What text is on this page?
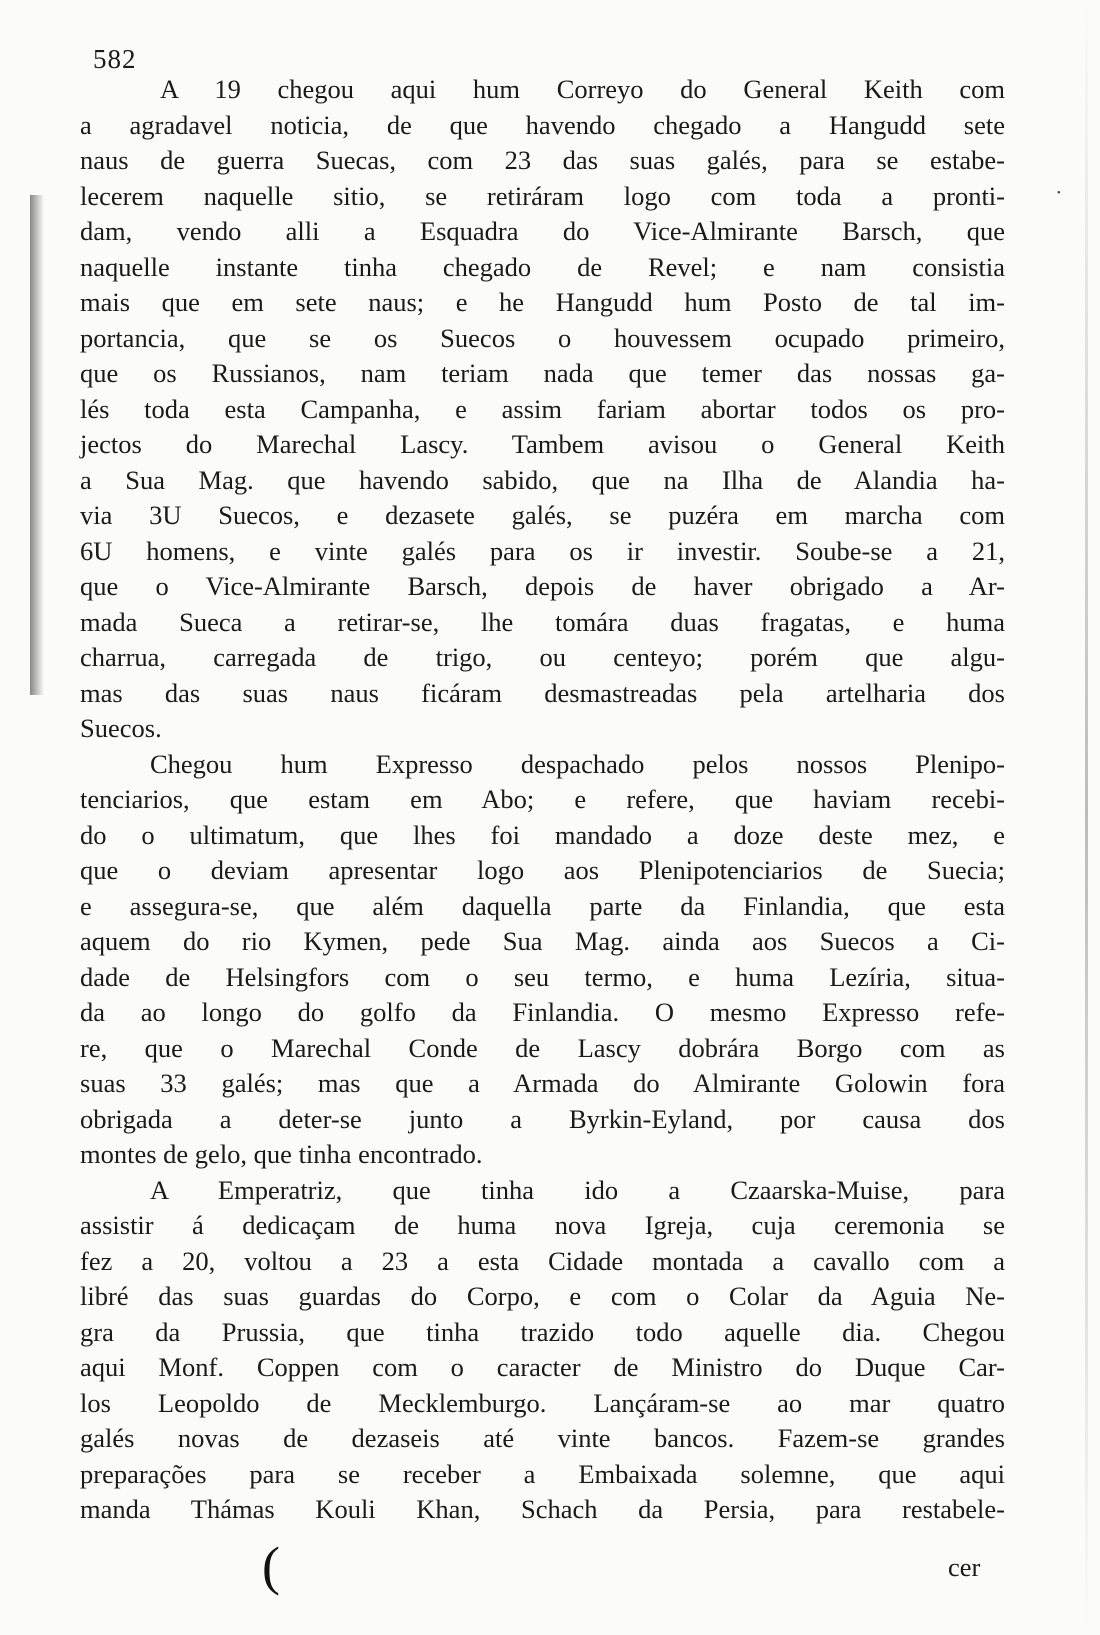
·
582
A 19 chegou aqui hum Correyo do General Keith com
a agradavel noticia, de que havendo chegado a Hangudd sete
naus de guerra Suecas, com 23 das suas galés, para se estabe-
lecerem naquelle sitio, se retiráram logo com toda a pronti-
dam, vendo alli a Esquadra do Vice-Almirante Barsch, que
naquelle instante tinha chegado de Revel; e nam consistia
mais que em sete naus; e he Hangudd hum Posto de tal im-
portancia, que se os Suecos o houvessem ocupado primeiro,
que os Russianos, nam teriam nada que temer das nossas ga-
lés toda esta Campanha, e assim fariam abortar todos os pro-
jectos do Marechal Lascy. Tambem avisou o General Keith
a Sua Mag. que havendo sabido, que na Ilha de Alandia ha-
via 3U Suecos, e dezasete galés, se puzéra em marcha com
6U homens, e vinte galés para os ir investir. Soube-se a 21,
que o Vice-Almirante Barsch, depois de haver obrigado a Ar-
mada Sueca a retirar-se, lhe tomára duas fragatas, e huma
charrua, carregada de trigo, ou centeyo; porém que algu-
mas das suas naus ficáram desmastreadas pela artelharia dos
Suecos.
Chegou hum Expresso despachado pelos nossos Plenipo-
tenciarios, que estam em Abo; e refere, que haviam recebi-
do o ultimatum, que lhes foi mandado a doze deste mez, e
que o deviam apresentar logo aos Plenipotenciarios de Suecia;
e assegura-se, que além daquella parte da Finlandia, que esta
aquem do rio Kymen, pede Sua Mag. ainda aos Suecos a Ci-
dade de Helsingfors com o seu termo, e huma Lezíria, situa-
da ao longo do golfo da Finlandia. O mesmo Expresso refe-
re, que o Marechal Conde de Lascy dobrára Borgo com as
suas 33 galés; mas que a Armada do Almirante Golowin fora
obrigada a deter-se junto a Byrkin-Eyland, por causa dos
montes de gelo, que tinha encontrado.
A Emperatriz, que tinha ido a Czaarska-Muise, para
assistir á dedicaçam de huma nova Igreja, cuja ceremonia se
fez a 20, voltou a 23 a esta Cidade montada a cavallo com a
libré das suas guardas do Corpo, e com o Colar da Aguia Ne-
gra da Prussia, que tinha trazido todo aquelle dia. Chegou
aqui Monf. Coppen com o caracter de Ministro do Duque Car-
los Leopoldo de Mecklemburgo. Lançáram-se ao mar quatro
galés novas de dezaseis até vinte bancos. Fazem-se grandes
preparações para se receber a Embaixada solemne, que aqui
manda Thámas Kouli Khan, Schach da Persia, para restabele-
(	cer
